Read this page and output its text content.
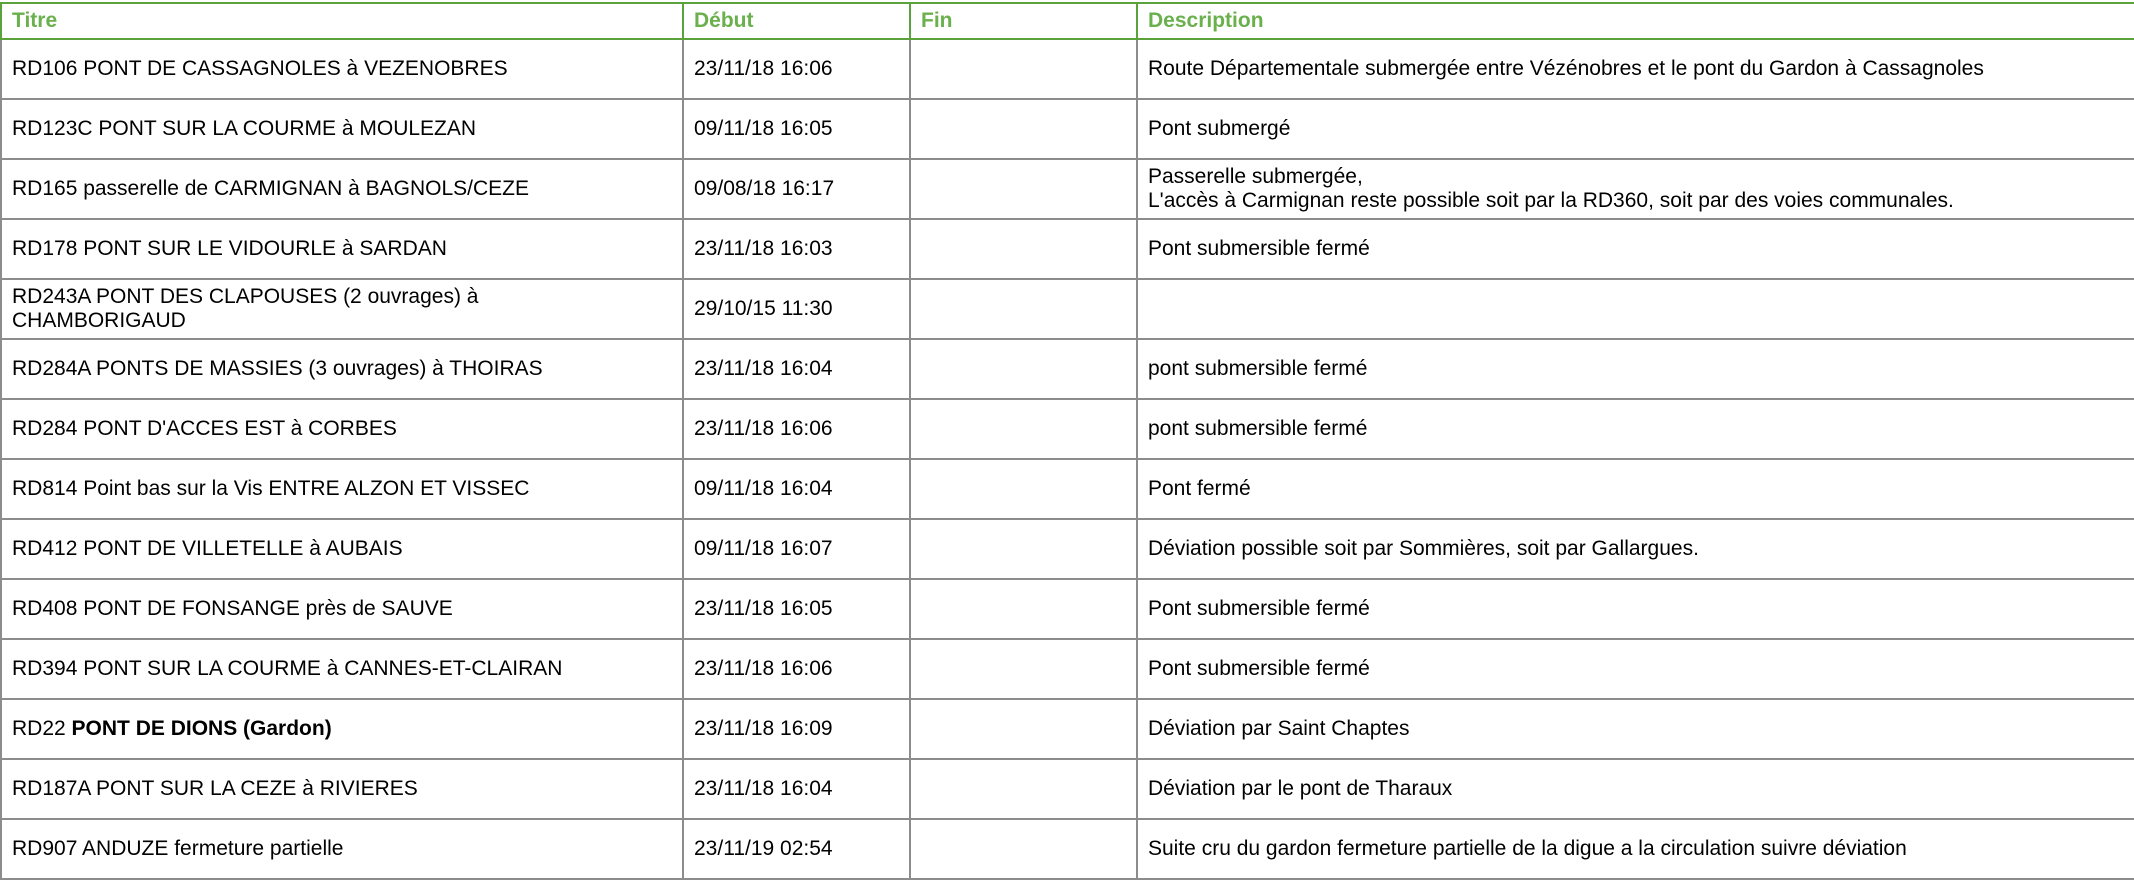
Titre	Début	Fin	Description
RD106 PONT DE CASSAGNOLES à VEZENOBRES	23/11/18 16:06		Route Départementale submergée entre Vézénobres et le pont du Gardon à Cassagnoles
RD123C PONT SUR LA COURME à MOULEZAN	09/11/18 16:05		Pont submergé
RD165 passerelle de CARMIGNAN à BAGNOLS/CEZE	09/08/18 16:17		Passerelle submergée,
L'accès à Carmignan reste possible soit par la RD360, soit par des voies communales.
RD178 PONT SUR LE VIDOURLE à SARDAN	23/11/18 16:03		Pont submersible fermé
RD243A PONT DES CLAPOUSES (2 ouvrages) à
CHAMBORIGAUD	29/10/15 11:30		
RD284A PONTS DE MASSIES (3 ouvrages) à THOIRAS	23/11/18 16:04		pont submersible fermé
RD284 PONT D'ACCES EST à CORBES	23/11/18 16:06		pont submersible fermé
RD814 Point bas sur la Vis ENTRE ALZON ET VISSEC	09/11/18 16:04		Pont fermé
RD412 PONT DE VILLETELLE à AUBAIS	09/11/18 16:07		Déviation possible soit par Sommières, soit par Gallargues.
RD408 PONT DE FONSANGE près de SAUVE	23/11/18 16:05		Pont submersible fermé
RD394 PONT SUR LA COURME à CANNES-ET-CLAIRAN	23/11/18 16:06		Pont submersible fermé
RD22 PONT DE DIONS (Gardon)	23/11/18 16:09		Déviation par Saint Chaptes
RD187A PONT SUR LA CEZE à RIVIERES	23/11/18 16:04		Déviation par le pont de Tharaux
RD907 ANDUZE fermeture partielle	23/11/19 02:54		Suite cru du gardon fermeture partielle de la digue a la circulation suivre déviation
